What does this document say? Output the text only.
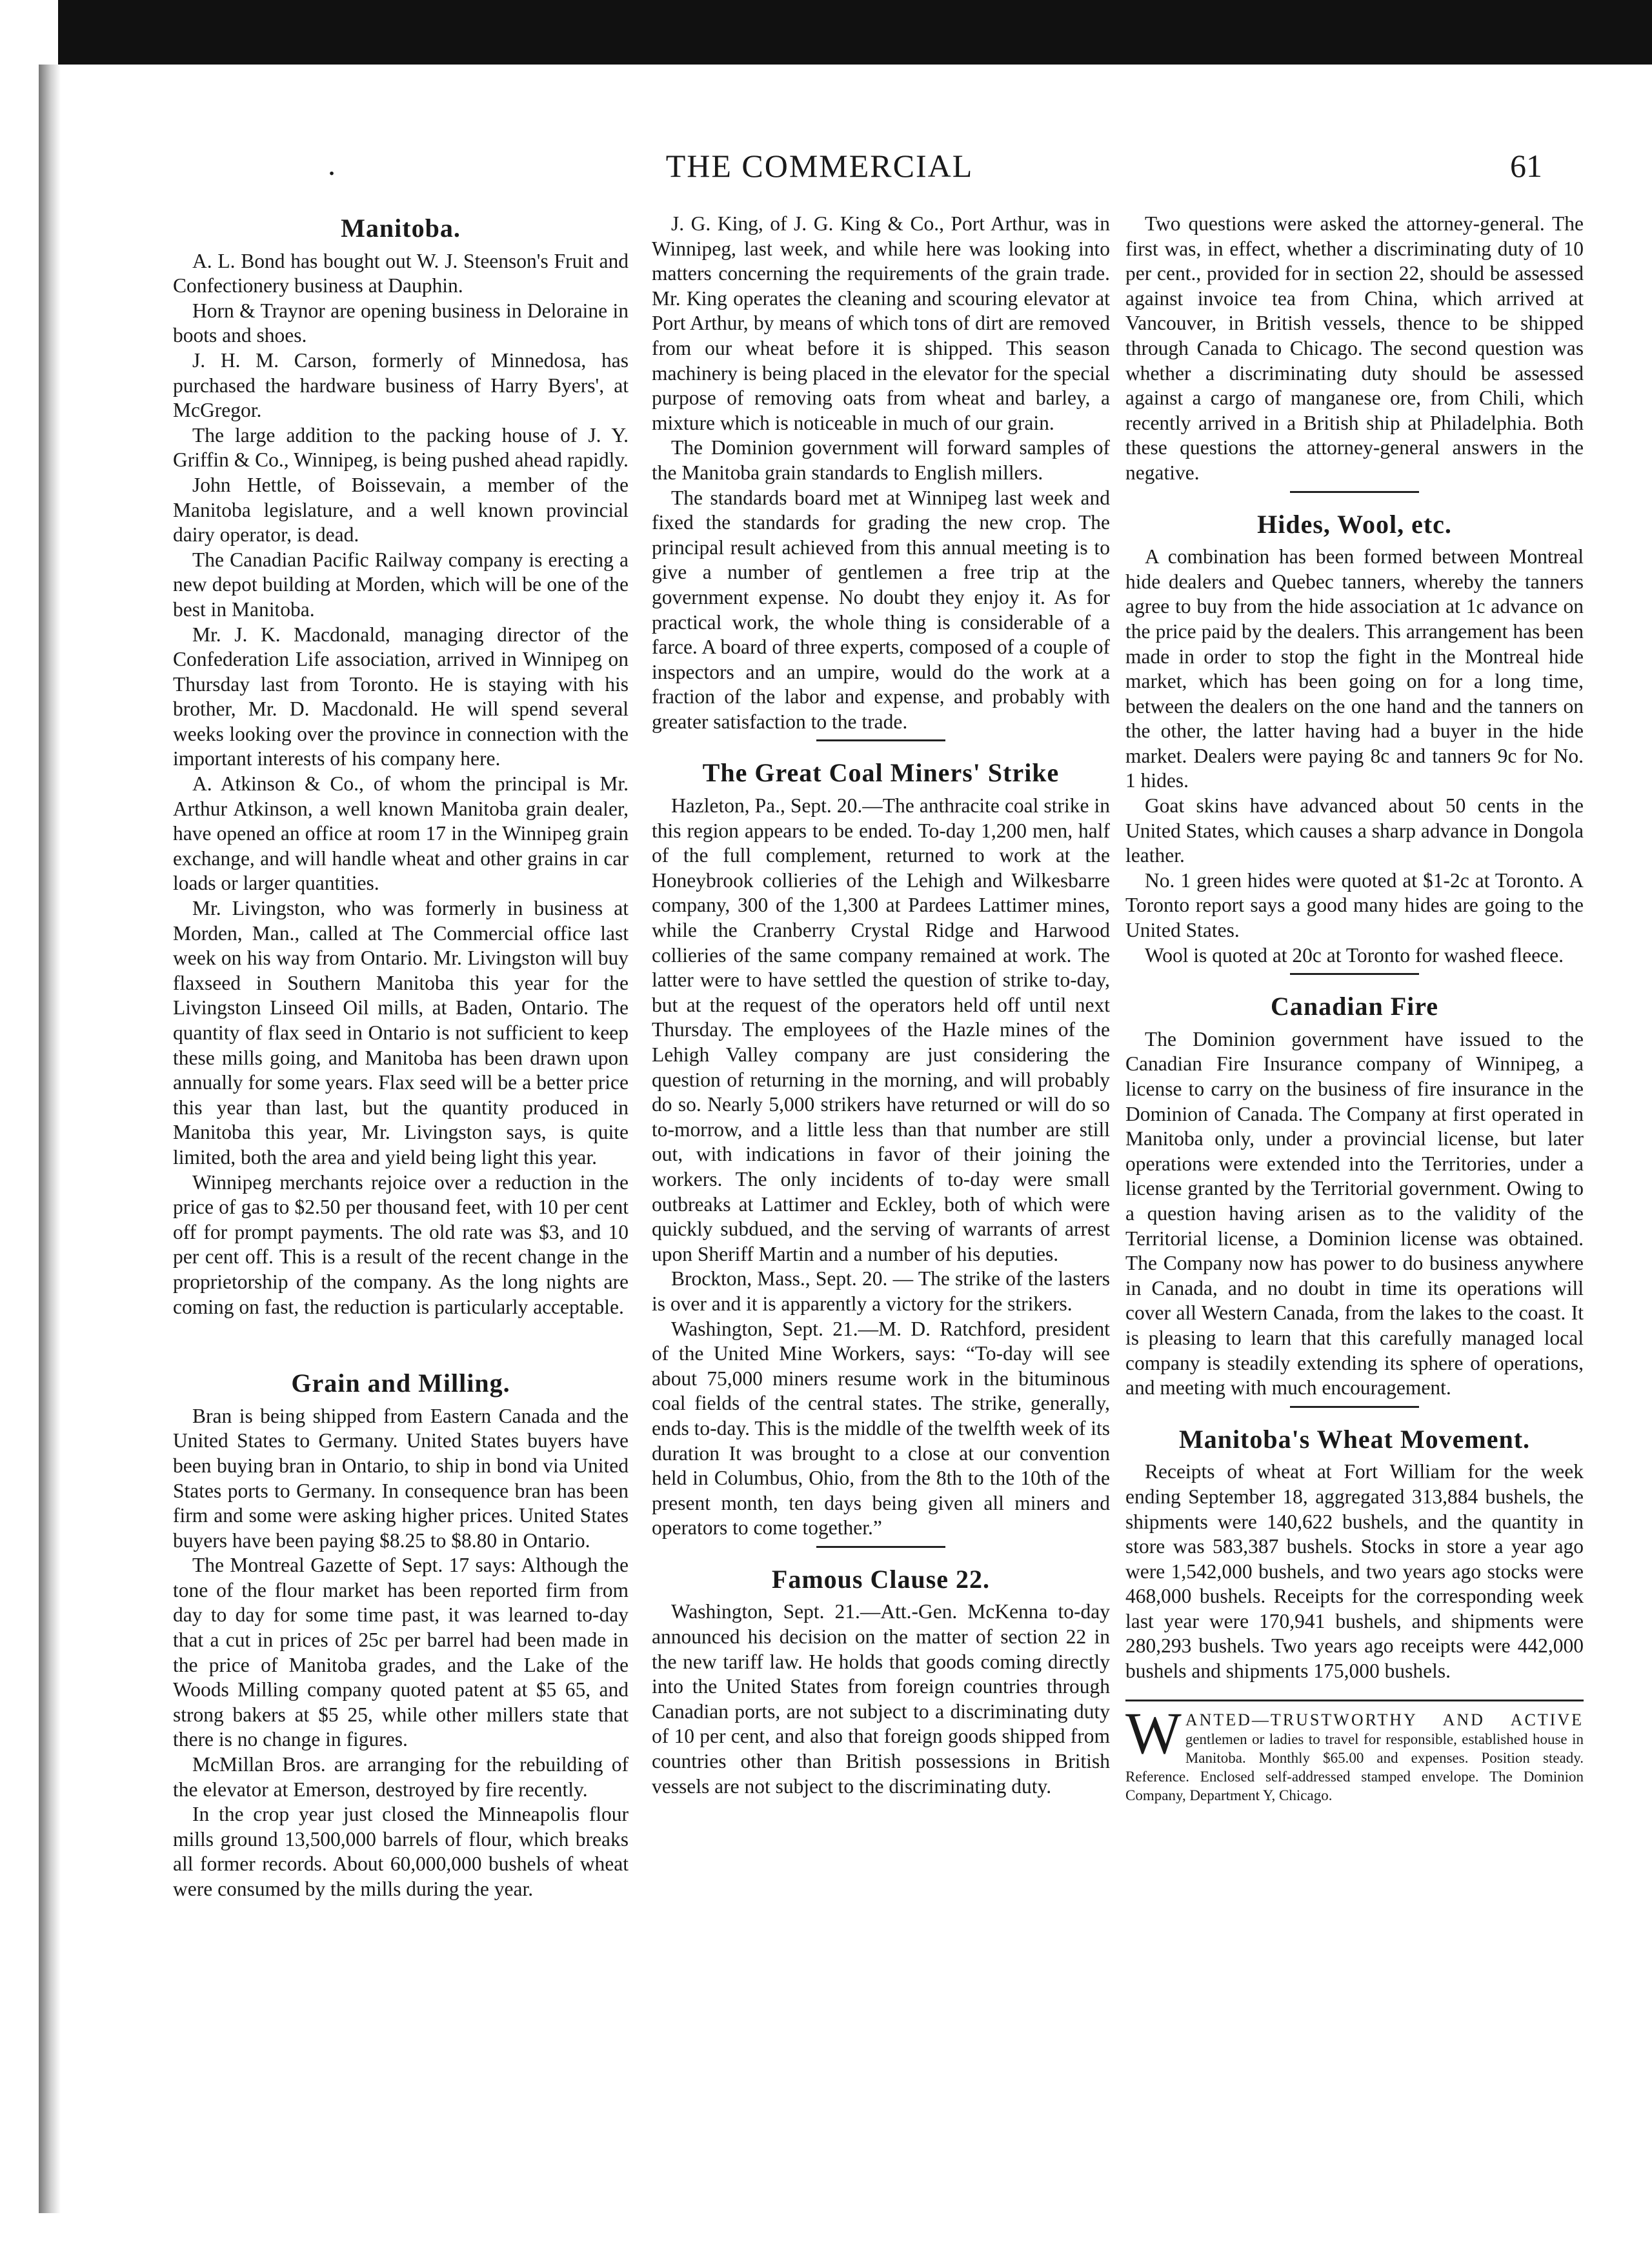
.	THE COMMERCIAL	61
Manitoba.

A. L. Bond has bought out W. J. Steenson's Fruit and Confectionery business at Dauphin.

Horn & Traynor are opening business in Deloraine in boots and shoes.

J. H. M. Carson, formerly of Minnedosa, has purchased the hardware business of Harry Byers', at McGregor.

The large addition to the packing house of J. Y. Griffin & Co., Winnipeg, is being pushed ahead rapidly.

John Hettle, of Boissevain, a member of the Manitoba legislature, and a well known provincial dairy operator, is dead.

The Canadian Pacific Railway company is erecting a new depot building at Morden, which will be one of the best in Manitoba.

Mr. J. K. Macdonald, managing director of the Confederation Life association, arrived in Winnipeg on Thursday last from Toronto. He is staying with his brother, Mr. D. Macdonald. He will spend several weeks looking over the province in connection with the important interests of his company here.

A. Atkinson & Co., of whom the principal is Mr. Arthur Atkinson, a well known Manitoba grain dealer, have opened an office at room 17 in the Winnipeg grain exchange, and will handle wheat and other grains in car loads or larger quantities.

Mr. Livingston, who was formerly in business at Morden, Man., called at The Commercial office last week on his way from Ontario. Mr. Livingston will buy flaxseed in Southern Manitoba this year for the Livingston Linseed Oil mills, at Baden, Ontario. The quantity of flax seed in Ontario is not sufficient to keep these mills going, and Manitoba has been drawn upon annually for some years. Flax seed will be a better price this year than last, but the quantity produced in Manitoba this year, Mr. Livingston says, is quite limited, both the area and yield being light this year.

Winnipeg merchants rejoice over a reduction in the price of gas to $2.50 per thousand feet, with 10 per cent off for prompt payments. The old rate was $3, and 10 per cent off. This is a result of the recent change in the proprietorship of the company. As the long nights are coming on fast, the reduction is particularly acceptable.

Grain and Milling.

Bran is being shipped from Eastern Canada and the United States to Germany. United States buyers have been buying bran in Ontario, to ship in bond via United States ports to Germany. In consequence bran has been firm and some were asking higher prices. United States buyers have been paying $8.25 to $8.80 in Ontario.

The Montreal Gazette of Sept. 17 says: Although the tone of the flour market has been reported firm from day to day for some time past, it was learned to-day that a cut in prices of 25c per barrel had been made in the price of Manitoba grades, and the Lake of the Woods Milling company quoted patent at $5 65, and strong bakers at $5 25, while other millers state that there is no change in figures.

McMillan Bros. are arranging for the rebuilding of the elevator at Emerson, destroyed by fire recently.

In the crop year just closed the Minneapolis flour mills ground 13,500,000 barrels of flour, which breaks all former records. About 60,000,000 bushels of wheat were consumed by the mills during the year.

J. G. King, of J. G. King & Co., Port Arthur, was in Winnipeg, last week, and while here was looking into matters concerning the requirements of the grain trade. Mr. King operates the cleaning and scouring elevator at Port Arthur, by means of which tons of dirt are removed from our wheat before it is shipped. This season machinery is being placed in the elevator for the special purpose of removing oats from wheat and barley, a mixture which is noticeable in much of our grain.

The Dominion government will forward samples of the Manitoba grain standards to English millers.

The standards board met at Winnipeg last week and fixed the standards for grading the new crop. The principal result achieved from this annual meeting is to give a number of gentlemen a free trip at the government expense. No doubt they enjoy it. As for practical work, the whole thing is considerable of a farce. A board of three experts, composed of a couple of inspectors and an umpire, would do the work at a fraction of the labor and expense, and probably with greater satisfaction to the trade.

The Great Coal Miners' Strike

Hazleton, Pa., Sept. 20.—The anthracite coal strike in this region appears to be ended. To-day 1,200 men, half of the full complement, returned to work at the Honeybrook collieries of the Lehigh and Wilkesbarre company, 300 of the 1,300 at Pardees Lattimer mines, while the Cranberry Crystal Ridge and Harwood collieries of the same company remained at work. The latter were to have settled the question of strike to-day, but at the request of the operators held off until next Thursday. The employees of the Hazle mines of the Lehigh Valley company are just considering the question of returning in the morning, and will probably do so. Nearly 5,000 strikers have returned or will do so to-morrow, and a little less than that number are still out, with indications in favor of their joining the workers. The only incidents of to-day were small outbreaks at Lattimer and Eckley, both of which were quickly subdued, and the serving of warrants of arrest upon Sheriff Martin and a number of his deputies.

Brockton, Mass., Sept. 20. — The strike of the lasters is over and it is apparently a victory for the strikers.

Washington, Sept. 21.—M. D. Ratchford, president of the United Mine Workers, says: “To-day will see about 75,000 miners resume work in the bituminous coal fields of the central states. The strike, generally, ends to-day. This is the middle of the twelfth week of its duration It was brought to a close at our convention held in Columbus, Ohio, from the 8th to the 10th of the present month, ten days being given all miners and operators to come together.”

Famous Clause 22.

Washington, Sept. 21.—Att.-Gen. McKenna to-day announced his decision on the matter of section 22 in the new tariff law. He holds that goods coming directly into the United States from foreign countries through Canadian ports, are not subject to a discriminating duty of 10 per cent, and also that foreign goods shipped from countries other than British possessions in British vessels are not subject to the discriminating duty.

Two questions were asked the attorney-general. The first was, in effect, whether a discriminating duty of 10 per cent., provided for in section 22, should be assessed against invoice tea from China, which arrived at Vancouver, in British vessels, thence to be shipped through Canada to Chicago. The second question was whether a discriminating duty should be assessed against a cargo of manganese ore, from Chili, which recently arrived in a British ship at Philadelphia. Both these questions the attorney-general answers in the negative.

Hides, Wool, etc.

A combination has been formed between Montreal hide dealers and Quebec tanners, whereby the tanners agree to buy from the hide association at 1c advance on the price paid by the dealers. This arrangement has been made in order to stop the fight in the Montreal hide market, which has been going on for a long time, between the dealers on the one hand and the tanners on the other, the latter having had a buyer in the hide market. Dealers were paying 8c and tanners 9c for No. 1 hides.

Goat skins have advanced about 50 cents in the United States, which causes a sharp advance in Dongola leather.

No. 1 green hides were quoted at $1-2c at Toronto. A Toronto report says a good many hides are going to the United States.

Wool is quoted at 20c at Toronto for washed fleece.

Canadian Fire

The Dominion government have issued to the Canadian Fire Insurance company of Winnipeg, a license to carry on the business of fire insurance in the Dominion of Canada. The Company at first operated in Manitoba only, under a provincial license, but later operations were extended into the Territories, under a license granted by the Territorial government. Owing to a question having arisen as to the validity of the Territorial license, a Dominion license was obtained. The Company now has power to do business anywhere in Canada, and no doubt in time its operations will cover all Western Canada, from the lakes to the coast. It is pleasing to learn that this carefully managed local company is steadily extending its sphere of operations, and meeting with much encouragement.

Manitoba's Wheat Movement.

Receipts of wheat at Fort William for the week ending September 18, aggregated 313,884 bushels, the shipments were 140,622 bushels, and the quantity in store was 583,387 bushels. Stocks in store a year ago were 1,542,000 bushels, and two years ago stocks were 468,000 bushels. Receipts for the corresponding week last year were 170,941 bushels, and shipments were 280,293 bushels. Two years ago receipts were 442,000 bushels and shipments 175,000 bushels.

W ANTED—TRUSTWORTHY AND ACTIVE gentlemen or ladies to travel for responsible, established house in Manitoba. Monthly $65.00 and expenses. Position steady. Reference. Enclosed self-addressed stamped envelope. The Dominion Company, Department Y, Chicago.
